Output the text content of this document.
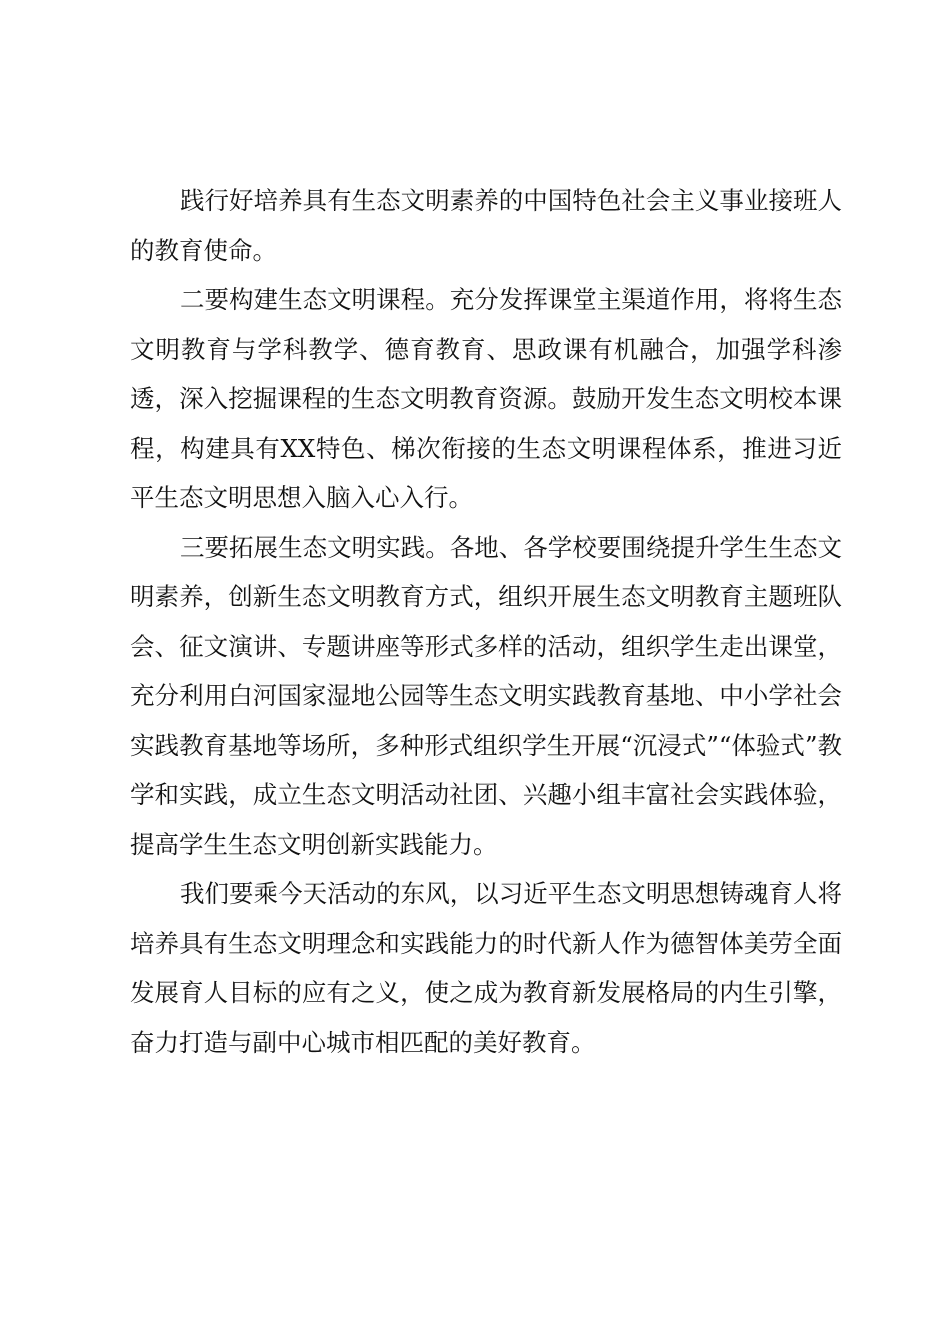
践行好培养具有生态文明素养的中国特色社会主义事业接班人的教育使命。

二要构建生态文明课程。充分发挥课堂主渠道作用，将将生态文明教育与学科教学、德育教育、思政课有机融合，加强学科渗透，深入挖掘课程的生态文明教育资源。鼓励开发生态文明校本课程，构建具有XX特色、梯次衔接的生态文明课程体系，推进习近平生态文明思想入脑入心入行。

三要拓展生态文明实践。各地、各学校要围绕提升学生生态文明素养，创新生态文明教育方式，组织开展生态文明教育主题班队会、征文演讲、专题讲座等形式多样的活动，组织学生走出课堂，充分利用白河国家湿地公园等生态文明实践教育基地、中小学社会实践教育基地等场所，多种形式组织学生开展“沉浸式”“体验式”教学和实践，成立生态文明活动社团、兴趣小组丰富社会实践体验，提高学生生态文明创新实践能力。

我们要乘今天活动的东风，以习近平生态文明思想铸魂育人将培养具有生态文明理念和实践能力的时代新人作为德智体美劳全面发展育人目标的应有之义，使之成为教育新发展格局的内生引擎，奋力打造与副中心城市相匹配的美好教育。
